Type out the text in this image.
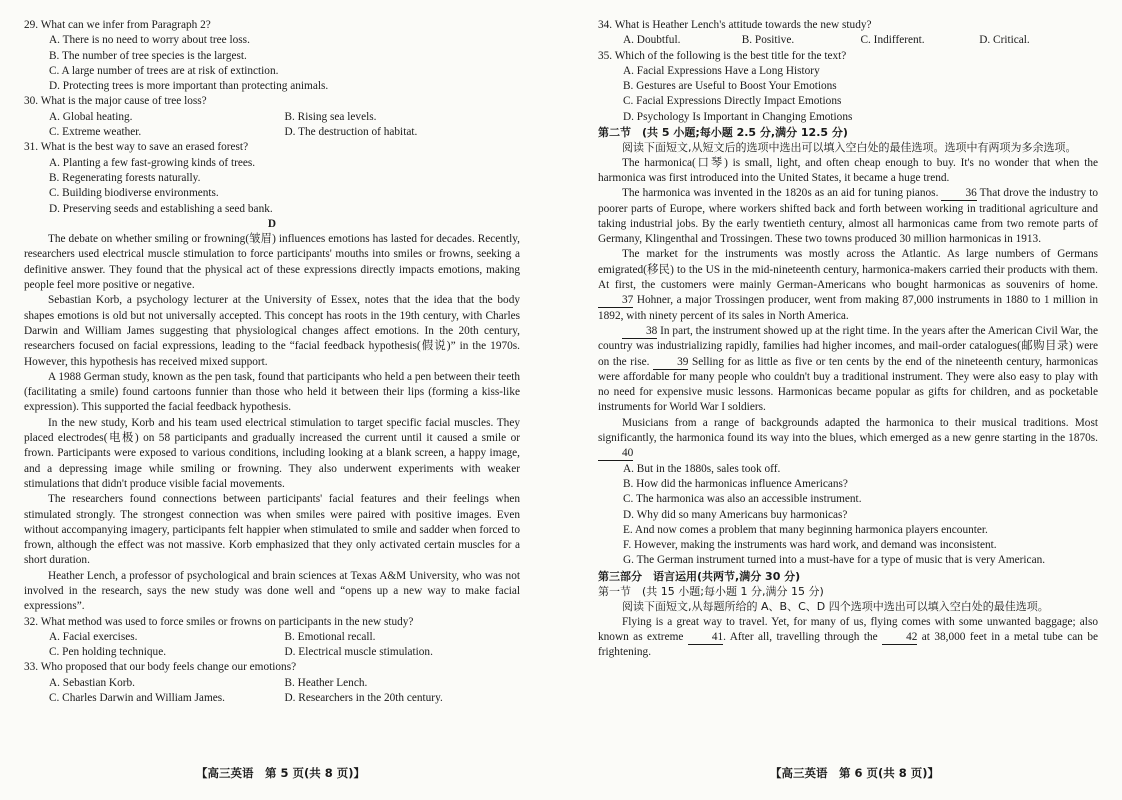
29. What can we infer from Paragraph 2?

A. There is no need to worry about tree loss.
B. The number of tree species is the largest.
C. A large number of trees are at risk of extinction.
D. Protecting trees is more important than protecting animals.

30. What is the major cause of tree loss?

A. Global heating.	B. Rising sea levels.
C. Extreme weather.	D. The destruction of habitat.

31. What is the best way to save an erased forest?

A. Planting a few fast-growing kinds of trees.
B. Regenerating forests naturally.
C. Building biodiverse environments.
D. Preserving seeds and establishing a seed bank.

D

The debate on whether smiling or frowning(皱眉) influences emotions has lasted for decades. Recently, researchers used electrical muscle stimulation to force participants' mouths into smiles or frowns, seeking a definitive answer. They found that the physical act of these expressions directly impacts emotions, making people feel more positive or negative.

Sebastian Korb, a psychology lecturer at the University of Essex, notes that the idea that the body shapes emotions is old but not universally accepted. This concept has roots in the 19th century, with Charles Darwin and William James suggesting that physiological changes affect emotions. In the 20th century, researchers focused on facial expressions, leading to the “facial feedback hypothesis(假说)” in the 1970s. However, this hypothesis has received mixed support.

A 1988 German study, known as the pen task, found that participants who held a pen between their teeth (facilitating a smile) found cartoons funnier than those who held it between their lips (forming a kiss-like expression). This supported the facial feedback hypothesis.

In the new study, Korb and his team used electrical stimulation to target specific facial muscles. They placed electrodes(电极) on 58 participants and gradually increased the current until it caused a smile or frown. Participants were exposed to various conditions, including looking at a blank screen, a happy image, and a depressing image while smiling or frowning. They also underwent experiments with weaker stimulations that didn't produce visible facial movements.

The researchers found connections between participants' facial features and their feelings when stimulated strongly. The strongest connection was when smiles were paired with positive images. Even without accompanying imagery, participants felt happier when stimulated to smile and sadder when forced to frown, although the effect was not massive. Korb emphasized that they only activated certain muscles for a short duration.

Heather Lench, a professor of psychological and brain sciences at Texas A&M University, who was not involved in the research, says the new study was done well and “opens up a new way to make facial expressions”.

32. What method was used to force smiles or frowns on participants in the new study?

A. Facial exercises.	B. Emotional recall.
C. Pen holding technique.	D. Electrical muscle stimulation.

33. Who proposed that our body feels change our emotions?

A. Sebastian Korb.	B. Heather Lench.
C. Charles Darwin and William James.	D. Researchers in the 20th century.

34. What is Heather Lench's attitude towards the new study?

A. Doubtful.	B. Positive.	C. Indifferent.	D. Critical.

35. Which of the following is the best title for the text?

A. Facial Expressions Have a Long History
B. Gestures are Useful to Boost Your Emotions
C. Facial Expressions Directly Impact Emotions
D. Psychology Is Important in Changing Emotions

第二节　(共 5 小题;每小题 2.5 分,满分 12.5 分)

阅读下面短文,从短文后的选项中选出可以填入空白处的最佳选项。选项中有两项为多余选项。

The harmonica(口琴) is small, light, and often cheap enough to buy. It's no wonder that when the harmonica was first introduced into the United States, it became a huge trend.

The harmonica was invented in the 1820s as an aid for tuning pianos. 36 That drove the industry to poorer parts of Europe, where workers shifted back and forth between working in traditional agriculture and taking industrial jobs. By the early twentieth century, almost all harmonicas came from two remote parts of Germany, Klingenthal and Trossingen. These two towns produced 30 million harmonicas in 1913.

The market for the instruments was mostly across the Atlantic. As large numbers of Germans emigrated(移民) to the US in the mid-nineteenth century, harmonica-makers carried their products with them. At first, the customers were mainly German-Americans who bought harmonicas as souvenirs of home. 37 Hohner, a major Trossingen producer, went from making 87,000 instruments in 1880 to 1 million in 1892, with ninety percent of its sales in North America.

38 In part, the instrument showed up at the right time. In the years after the American Civil War, the country was industrializing rapidly, families had higher incomes, and mail-order catalogues(邮购目录) were on the rise. 39 Selling for as little as five or ten cents by the end of the nineteenth century, harmonicas were affordable for many people who couldn't buy a traditional instrument. They were also easy to play with no need for expensive music lessons. Harmonicas became popular as gifts for children, and as pocketable instruments for World War I soldiers.

Musicians from a range of backgrounds adapted the harmonica to their musical traditions. Most significantly, the harmonica found its way into the blues, which emerged as a new genre starting in the 1870s. 40

A. But in the 1880s, sales took off.
B. How did the harmonicas influence Americans?
C. The harmonica was also an accessible instrument.
D. Why did so many Americans buy harmonicas?
E. And now comes a problem that many beginning harmonica players encounter.
F. However, making the instruments was hard work, and demand was inconsistent.
G. The German instrument turned into a must-have for a type of music that is very American.

第三部分　语言运用(共两节,满分 30 分)

第一节　(共 15 小题;每小题 1 分,满分 15 分)

阅读下面短文,从每题所给的 A、B、C、D 四个选项中选出可以填入空白处的最佳选项。

Flying is a great way to travel. Yet, for many of us, flying comes with some unwanted baggage; also known as extreme	41. After all, travelling through the	42 at 38,000 feet in a metal tube can be frightening.

【高三英语　第 5 页(共 8 页)】	【高三英语　第 6 页(共 8 页)】
